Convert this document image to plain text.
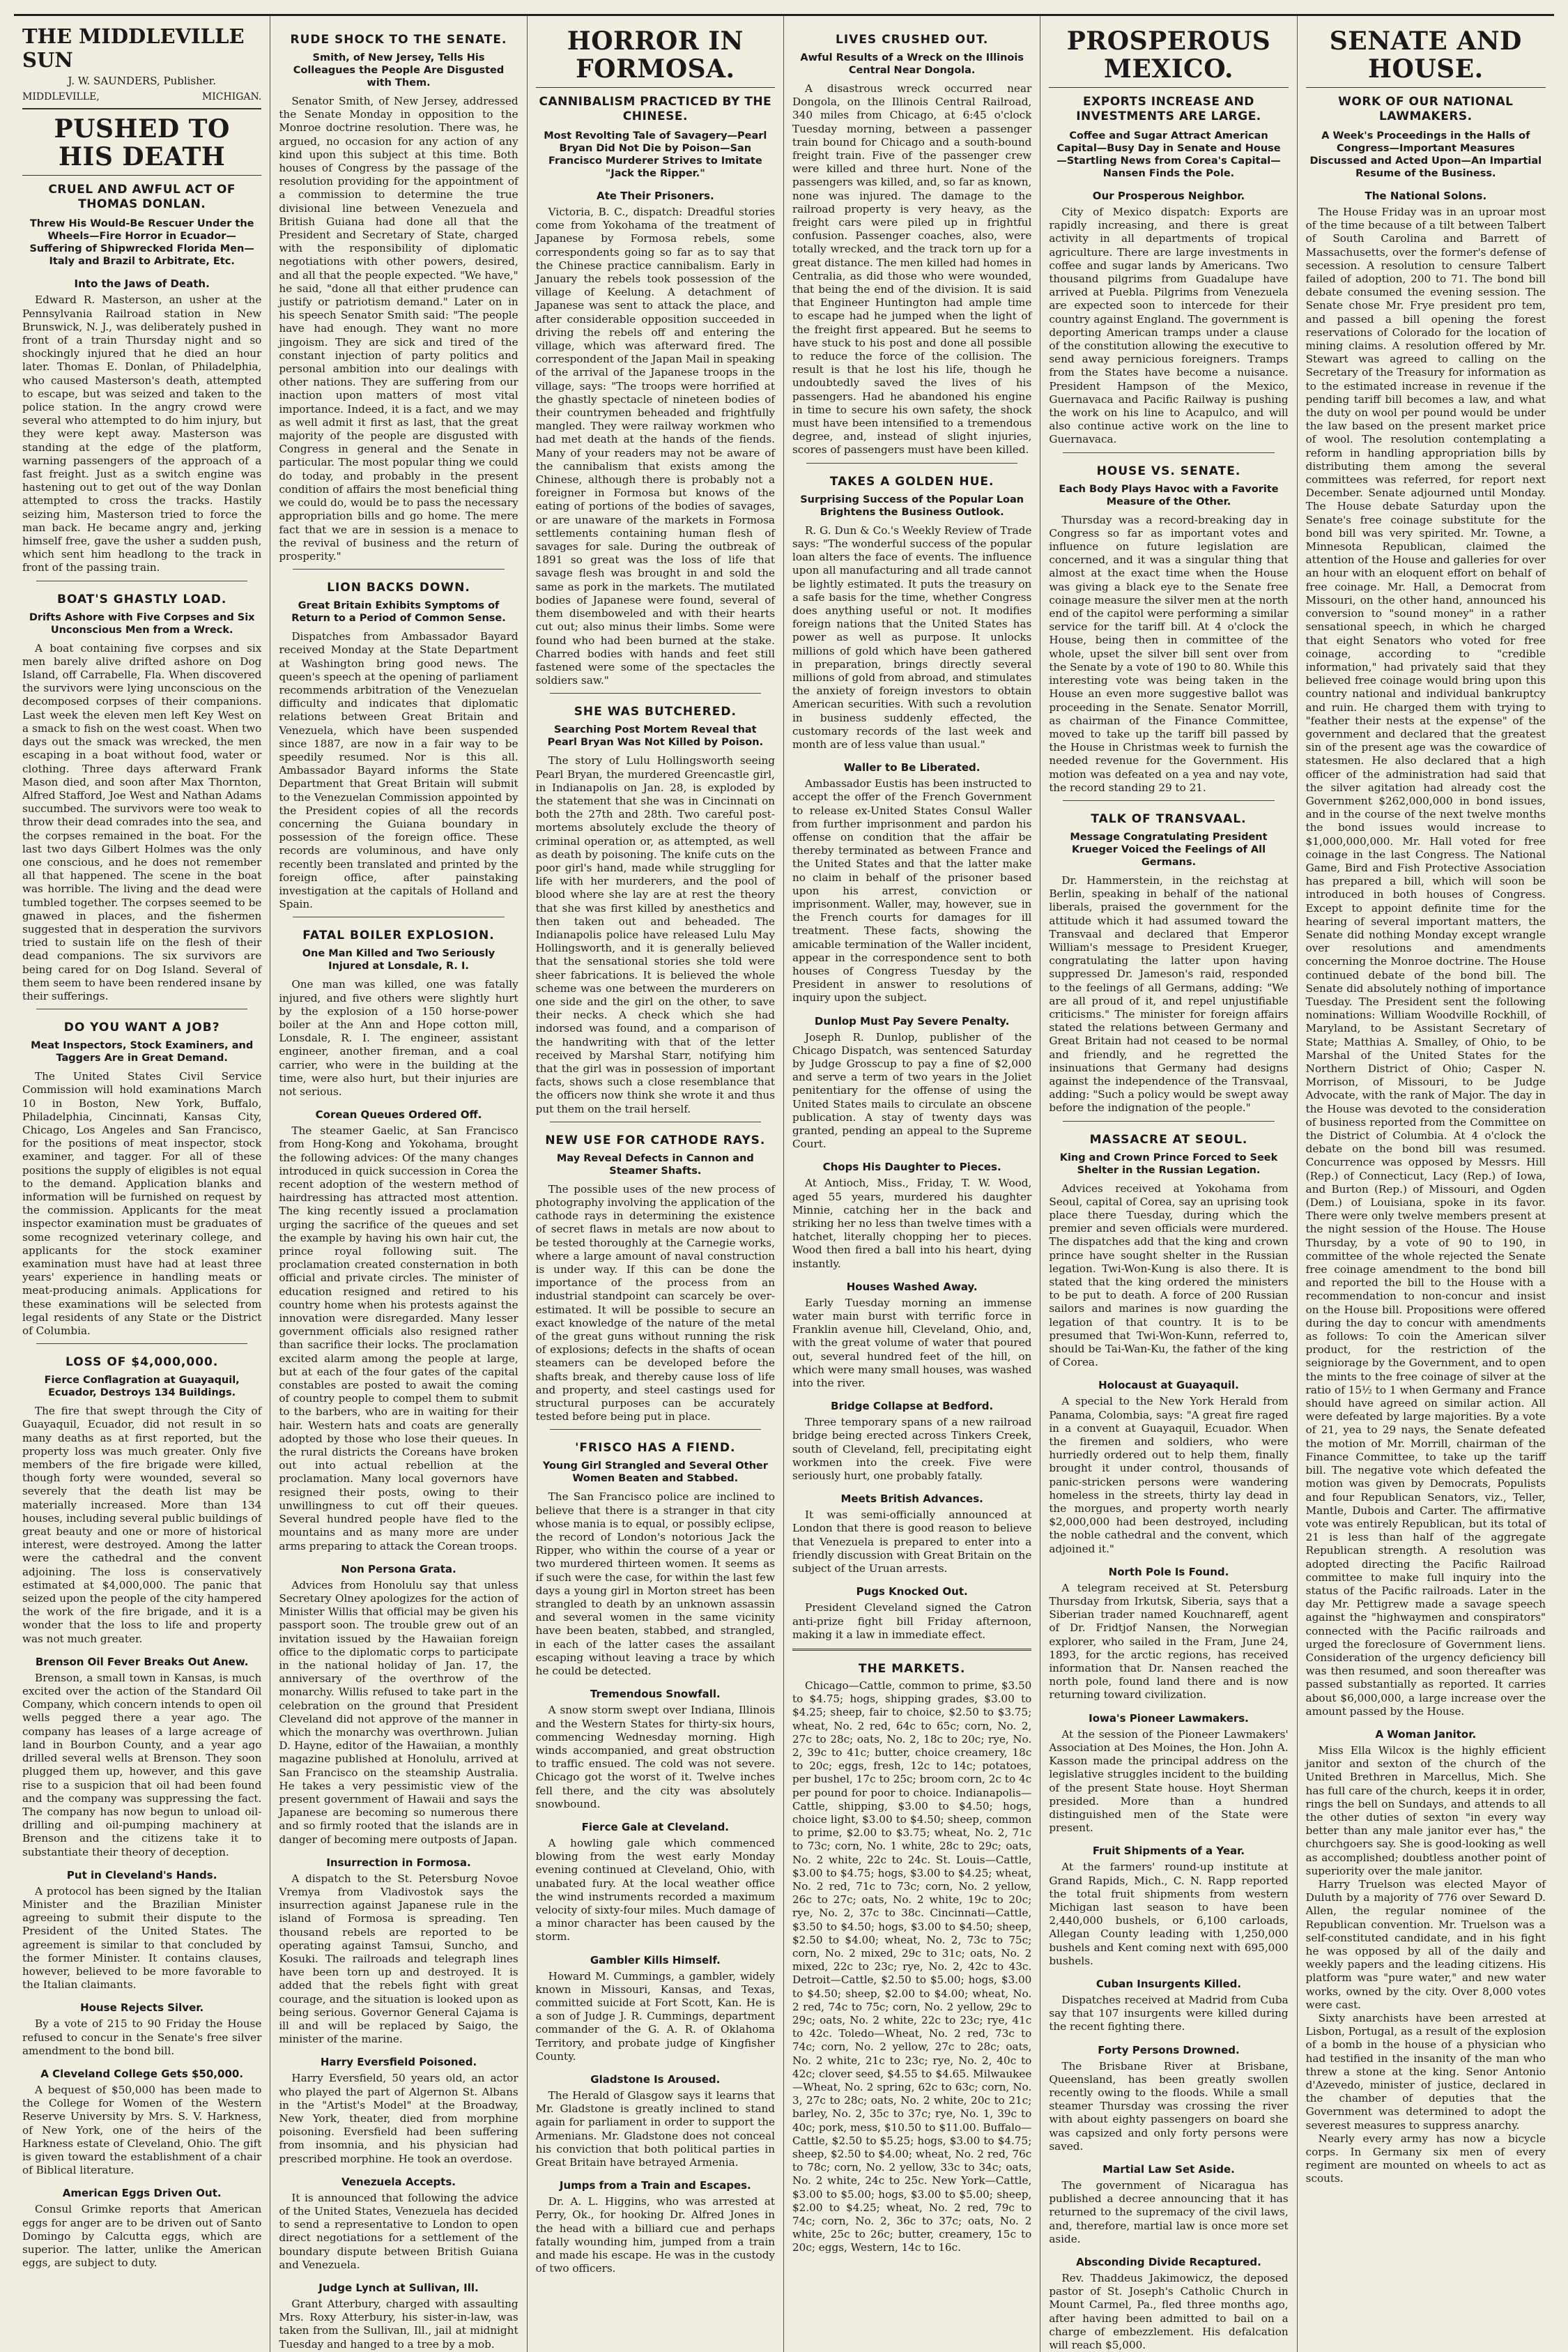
THE MIDDLEVILLE SUN
J. W. SAUNDERS, Publisher.
MIDDLEVILLE,	MICHIGAN.
PUSHED TO HIS DEATH
CRUEL AND AWFUL ACT OF THOMAS DONLAN.
Threw His Would-Be Rescuer Under the Wheels—Fire Horror in Ecuador—Suffering of Shipwrecked Florida Men—Italy and Brazil to Arbitrate, Etc.
Into the Jaws of Death.

Edward R. Masterson, an usher at the Pennsylvania Railroad station in New Brunswick, N. J., was deliberately pushed in front of a train Thursday night and so shockingly injured that he died an hour later. Thomas E. Donlan, of Philadelphia, who caused Masterson's death, attempted to escape, but was seized and taken to the police station. In the angry crowd were several who attempted to do him injury, but they were kept away. Masterson was standing at the edge of the platform, warning passengers of the approach of a fast freight. Just as a switch engine was hastening out to get out of the way Donlan attempted to cross the tracks. Hastily seizing him, Masterson tried to force the man back. He became angry and, jerking himself free, gave the usher a sudden push, which sent him headlong to the track in front of the passing train.

BOAT'S GHASTLY LOAD.
Drifts Ashore with Five Corpses and Six Unconscious Men from a Wreck.

A boat containing five corpses and six men barely alive drifted ashore on Dog Island, off Carrabelle, Fla. When discovered the survivors were lying unconscious on the decomposed corpses of their companions. Last week the eleven men left Key West on a smack to fish on the west coast. When two days out the smack was wrecked, the men escaping in a boat without food, water or clothing. Three days afterward Frank Mason died, and soon after Max Thornton, Alfred Stafford, Joe West and Nathan Adams succumbed. The survivors were too weak to throw their dead comrades into the sea, and the corpses remained in the boat. For the last two days Gilbert Holmes was the only one conscious, and he does not remember all that happened. The scene in the boat was horrible. The living and the dead were tumbled together. The corpses seemed to be gnawed in places, and the fishermen suggested that in desperation the survivors tried to sustain life on the flesh of their dead companions. The six survivors are being cared for on Dog Island. Several of them seem to have been rendered insane by their sufferings.

DO YOU WANT A JOB?
Meat Inspectors, Stock Examiners, and Taggers Are in Great Demand.

The United States Civil Service Commission will hold examinations March 10 in Boston, New York, Buffalo, Philadelphia, Cincinnati, Kansas City, Chicago, Los Angeles and San Francisco, for the positions of meat inspector, stock examiner, and tagger. For all of these positions the supply of eligibles is not equal to the demand. Application blanks and information will be furnished on request by the commission. Applicants for the meat inspector examination must be graduates of some recognized veterinary college, and applicants for the stock examiner examination must have had at least three years' experience in handling meats or meat-producing animals. Applications for these examinations will be selected from legal residents of any State or the District of Columbia.

LOSS OF $4,000,000.
Fierce Conflagration at Guayaquil, Ecuador, Destroys 134 Buildings.

The fire that swept through the City of Guayaquil, Ecuador, did not result in so many deaths as at first reported, but the property loss was much greater. Only five members of the fire brigade were killed, though forty were wounded, several so severely that the death list may be materially increased. More than 134 houses, including several public buildings of great beauty and one or more of historical interest, were destroyed. Among the latter were the cathedral and the convent adjoining. The loss is conservatively estimated at $4,000,000. The panic that seized upon the people of the city hampered the work of the fire brigade, and it is a wonder that the loss to life and property was not much greater.

Brenson Oil Fever Breaks Out Anew.

Brenson, a small town in Kansas, is much excited over the action of the Standard Oil Company, which concern intends to open oil wells pegged there a year ago. The company has leases of a large acreage of land in Bourbon County, and a year ago drilled several wells at Brenson. They soon plugged them up, however, and this gave rise to a suspicion that oil had been found and the company was suppressing the fact. The company has now begun to unload oil-drilling and oil-pumping machinery at Brenson and the citizens take it to substantiate their theory of deception.

Put in Cleveland's Hands.

A protocol has been signed by the Italian Minister and the Brazilian Minister agreeing to submit their dispute to the President of the United States. The agreement is similar to that concluded by the former Minister. It contains clauses, however, believed to be more favorable to the Italian claimants.

House Rejects Silver.

By a vote of 215 to 90 Friday the House refused to concur in the Senate's free silver amendment to the bond bill.

A Cleveland College Gets $50,000.

A bequest of $50,000 has been made to the College for Women of the Western Reserve University by Mrs. S. V. Harkness, of New York, one of the heirs of the Harkness estate of Cleveland, Ohio. The gift is given toward the establishment of a chair of Biblical literature.

American Eggs Driven Out.

Consul Grimke reports that American eggs for anger are to be driven out of Santo Domingo by Calcutta eggs, which are superior. The latter, unlike the American eggs, are subject to duty.

RUDE SHOCK TO THE SENATE.
Smith, of New Jersey, Tells His Colleagues the People Are Disgusted with Them.

Senator Smith, of New Jersey, addressed the Senate Monday in opposition to the Monroe doctrine resolution. There was, he argued, no occasion for any action of any kind upon this subject at this time. Both houses of Congress by the passage of the resolution providing for the appointment of a commission to determine the true divisional line between Venezuela and British Guiana had done all that the President and Secretary of State, charged with the responsibility of diplomatic negotiations with other powers, desired, and all that the people expected. "We have," he said, "done all that either prudence can justify or patriotism demand." Later on in his speech Senator Smith said: "The people have had enough. They want no more jingoism. They are sick and tired of the constant injection of party politics and personal ambition into our dealings with other nations. They are suffering from our inaction upon matters of most vital importance. Indeed, it is a fact, and we may as well admit it first as last, that the great majority of the people are disgusted with Congress in general and the Senate in particular. The most popular thing we could do today, and probably in the present condition of affairs the most beneficial thing we could do, would be to pass the necessary appropriation bills and go home. The mere fact that we are in session is a menace to the revival of business and the return of prosperity."

LION BACKS DOWN.
Great Britain Exhibits Symptoms of Return to a Period of Common Sense.

Dispatches from Ambassador Bayard received Monday at the State Department at Washington bring good news. The queen's speech at the opening of parliament recommends arbitration of the Venezuelan difficulty and indicates that diplomatic relations between Great Britain and Venezuela, which have been suspended since 1887, are now in a fair way to be speedily resumed. Nor is this all. Ambassador Bayard informs the State Department that Great Britain will submit to the Venezuelan Commission appointed by the President copies of all the records concerning the Guiana boundary in possession of the foreign office. These records are voluminous, and have only recently been translated and printed by the foreign office, after painstaking investigation at the capitals of Holland and Spain.

FATAL BOILER EXPLOSION.
One Man Killed and Two Seriously Injured at Lonsdale, R. I.

One man was killed, one was fatally injured, and five others were slightly hurt by the explosion of a 150 horse-power boiler at the Ann and Hope cotton mill, Lonsdale, R. I. The engineer, assistant engineer, another fireman, and a coal carrier, who were in the building at the time, were also hurt, but their injuries are not serious.

Corean Queues Ordered Off.

The steamer Gaelic, at San Francisco from Hong-Kong and Yokohama, brought the following advices: Of the many changes introduced in quick succession in Corea the recent adoption of the western method of hairdressing has attracted most attention. The king recently issued a proclamation urging the sacrifice of the queues and set the example by having his own hair cut, the prince royal following suit. The proclamation created consternation in both official and private circles. The minister of education resigned and retired to his country home when his protests against the innovation were disregarded. Many lesser government officials also resigned rather than sacrifice their locks. The proclamation excited alarm among the people at large, but at each of the four gates of the capital constables are posted to await the coming of country people to compel them to submit to the barbers, who are in waiting for their hair. Western hats and coats are generally adopted by those who lose their queues. In the rural districts the Coreans have broken out into actual rebellion at the proclamation. Many local governors have resigned their posts, owing to their unwillingness to cut off their queues. Several hundred people have fled to the mountains and as many more are under arms preparing to attack the Corean troops.

Non Persona Grata.

Advices from Honolulu say that unless Secretary Olney apologizes for the action of Minister Willis that official may be given his passport soon. The trouble grew out of an invitation issued by the Hawaiian foreign office to the diplomatic corps to participate in the national holiday of Jan. 17, the anniversary of the overthrow of the monarchy. Willis refused to take part in the celebration on the ground that President Cleveland did not approve of the manner in which the monarchy was overthrown. Julian D. Hayne, editor of the Hawaiian, a monthly magazine published at Honolulu, arrived at San Francisco on the steamship Australia. He takes a very pessimistic view of the present government of Hawaii and says the Japanese are becoming so numerous there and so firmly rooted that the islands are in danger of becoming mere outposts of Japan.

Insurrection in Formosa.

A dispatch to the St. Petersburg Novoe Vremya from Vladivostok says the insurrection against Japanese rule in the island of Formosa is spreading. Ten thousand rebels are reported to be operating against Tamsui, Suncho, and Kosuki. The railroads and telegraph lines have been torn up and destroyed. It is added that the rebels fight with great courage, and the situation is looked upon as being serious. Governor General Cajama is ill and will be replaced by Saigo, the minister of the marine.

Harry Eversfield Poisoned.

Harry Eversfield, 50 years old, an actor who played the part of Algernon St. Albans in the "Artist's Model" at the Broadway, New York, theater, died from morphine poisoning. Eversfield had been suffering from insomnia, and his physician had prescribed morphine. He took an overdose.

Venezuela Accepts.

It is announced that following the advice of the United States, Venezuela has decided to send a representative to London to open direct negotiations for a settlement of the boundary dispute between British Guiana and Venezuela.

Judge Lynch at Sullivan, Ill.

Grant Atterbury, charged with assaulting Mrs. Roxy Atterbury, his sister-in-law, was taken from the Sullivan, Ill., jail at midnight Tuesday and hanged to a tree by a mob.

HORROR IN FORMOSA.
CANNIBALISM PRACTICED BY THE CHINESE.
Most Revolting Tale of Savagery—Pearl Bryan Did Not Die by Poison—San Francisco Murderer Strives to Imitate "Jack the Ripper."
Ate Their Prisoners.

Victoria, B. C., dispatch: Dreadful stories come from Yokohama of the treatment of Japanese by Formosa rebels, some correspondents going so far as to say that the Chinese practice cannibalism. Early in January the rebels took possession of the village of Keelung. A detachment of Japanese was sent to attack the place, and after considerable opposition succeeded in driving the rebels off and entering the village, which was afterward fired. The correspondent of the Japan Mail in speaking of the arrival of the Japanese troops in the village, says: "The troops were horrified at the ghastly spectacle of nineteen bodies of their countrymen beheaded and frightfully mangled. They were railway workmen who had met death at the hands of the fiends. Many of your readers may not be aware of the cannibalism that exists among the Chinese, although there is probably not a foreigner in Formosa but knows of the eating of portions of the bodies of savages, or are unaware of the markets in Formosa settlements containing human flesh of savages for sale. During the outbreak of 1891 so great was the loss of life that savage flesh was brought in and sold the same as pork in the markets. The mutilated bodies of Japanese were found, several of them disemboweled and with their hearts cut out; also minus their limbs. Some were found who had been burned at the stake. Charred bodies with hands and feet still fastened were some of the spectacles the soldiers saw."

SHE WAS BUTCHERED.
Searching Post Mortem Reveal that Pearl Bryan Was Not Killed by Poison.

The story of Lulu Hollingsworth seeing Pearl Bryan, the murdered Greencastle girl, in Indianapolis on Jan. 28, is exploded by the statement that she was in Cincinnati on both the 27th and 28th. Two careful post-mortems absolutely exclude the theory of criminal operation or, as attempted, as well as death by poisoning. The knife cuts on the poor girl's hand, made while struggling for life with her murderers, and the pool of blood where she lay are at rest the theory that she was first killed by anesthetics and then taken out and beheaded. The Indianapolis police have released Lulu May Hollingsworth, and it is generally believed that the sensational stories she told were sheer fabrications. It is believed the whole scheme was one between the murderers on one side and the girl on the other, to save their necks. A check which she had indorsed was found, and a comparison of the handwriting with that of the letter received by Marshal Starr, notifying him that the girl was in possession of important facts, shows such a close resemblance that the officers now think she wrote it and thus put them on the trail herself.

NEW USE FOR CATHODE RAYS.
May Reveal Defects in Cannon and Steamer Shafts.

The possible uses of the new process of photography involving the application of the cathode rays in determining the existence of secret flaws in metals are now about to be tested thoroughly at the Carnegie works, where a large amount of naval construction is under way. If this can be done the importance of the process from an industrial standpoint can scarcely be over-estimated. It will be possible to secure an exact knowledge of the nature of the metal of the great guns without running the risk of explosions; defects in the shafts of ocean steamers can be developed before the shafts break, and thereby cause loss of life and property, and steel castings used for structural purposes can be accurately tested before being put in place.

'FRISCO HAS A FIEND.
Young Girl Strangled and Several Other Women Beaten and Stabbed.

The San Francisco police are inclined to believe that there is a stranger in that city whose mania is to equal, or possibly eclipse, the record of London's notorious Jack the Ripper, who within the course of a year or two murdered thirteen women. It seems as if such were the case, for within the last few days a young girl in Morton street has been strangled to death by an unknown assassin and several women in the same vicinity have been beaten, stabbed, and strangled, in each of the latter cases the assailant escaping without leaving a trace by which he could be detected.

Tremendous Snowfall.

A snow storm swept over Indiana, Illinois and the Western States for thirty-six hours, commencing Wednesday morning. High winds accompanied, and great obstruction to traffic ensued. The cold was not severe. Chicago got the worst of it. Twelve inches fell there, and the city was absolutely snowbound.

Fierce Gale at Cleveland.

A howling gale which commenced blowing from the west early Monday evening continued at Cleveland, Ohio, with unabated fury. At the local weather office the wind instruments recorded a maximum velocity of sixty-four miles. Much damage of a minor character has been caused by the storm.

Gambler Kills Himself.

Howard M. Cummings, a gambler, widely known in Missouri, Kansas, and Texas, committed suicide at Fort Scott, Kan. He is a son of Judge J. R. Cummings, department commander of the G. A. R. of Oklahoma Territory, and probate judge of Kingfisher County.

Gladstone Is Aroused.

The Herald of Glasgow says it learns that Mr. Gladstone is greatly inclined to stand again for parliament in order to support the Armenians. Mr. Gladstone does not conceal his conviction that both political parties in Great Britain have betrayed Armenia.

Jumps from a Train and Escapes.

Dr. A. L. Higgins, who was arrested at Perry, Ok., for hooking Dr. Alfred Jones in the head with a billiard cue and perhaps fatally wounding him, jumped from a train and made his escape. He was in the custody of two officers.

LIVES CRUSHED OUT.
Awful Results of a Wreck on the Illinois Central Near Dongola.

A disastrous wreck occurred near Dongola, on the Illinois Central Railroad, 340 miles from Chicago, at 6:45 o'clock Tuesday morning, between a passenger train bound for Chicago and a south-bound freight train. Five of the passenger crew were killed and three hurt. None of the passengers was killed, and, so far as known, none was injured. The damage to the railroad property is very heavy, as the freight cars were piled up in frightful confusion. Passenger coaches, also, were totally wrecked, and the track torn up for a great distance. The men killed had homes in Centralia, as did those who were wounded, that being the end of the division. It is said that Engineer Huntington had ample time to escape had he jumped when the light of the freight first appeared. But he seems to have stuck to his post and done all possible to reduce the force of the collision. The result is that he lost his life, though he undoubtedly saved the lives of his passengers. Had he abandoned his engine in time to secure his own safety, the shock must have been intensified to a tremendous degree, and, instead of slight injuries, scores of passengers must have been killed.

TAKES A GOLDEN HUE.
Surprising Success of the Popular Loan Brightens the Business Outlook.

R. G. Dun & Co.'s Weekly Review of Trade says: "The wonderful success of the popular loan alters the face of events. The influence upon all manufacturing and all trade cannot be lightly estimated. It puts the treasury on a safe basis for the time, whether Congress does anything useful or not. It modifies foreign nations that the United States has power as well as purpose. It unlocks millions of gold which have been gathered in preparation, brings directly several millions of gold from abroad, and stimulates the anxiety of foreign investors to obtain American securities. With such a revolution in business suddenly effected, the customary records of the last week and month are of less value than usual."

Waller to Be Liberated.

Ambassador Eustis has been instructed to accept the offer of the French Government to release ex-United States Consul Waller from further imprisonment and pardon his offense on condition that the affair be thereby terminated as between France and the United States and that the latter make no claim in behalf of the prisoner based upon his arrest, conviction or imprisonment. Waller, may, however, sue in the French courts for damages for ill treatment. These facts, showing the amicable termination of the Waller incident, appear in the correspondence sent to both houses of Congress Tuesday by the President in answer to resolutions of inquiry upon the subject.

Dunlop Must Pay Severe Penalty.

Joseph R. Dunlop, publisher of the Chicago Dispatch, was sentenced Saturday by Judge Grosscup to pay a fine of $2,000 and serve a term of two years in the Joliet penitentiary for the offense of using the United States mails to circulate an obscene publication. A stay of twenty days was granted, pending an appeal to the Supreme Court.

Chops His Daughter to Pieces.

At Antioch, Miss., Friday, T. W. Wood, aged 55 years, murdered his daughter Minnie, catching her in the back and striking her no less than twelve times with a hatchet, literally chopping her to pieces. Wood then fired a ball into his heart, dying instantly.

Houses Washed Away.

Early Tuesday morning an immense water main burst with terrific force in Franklin avenue hill, Cleveland, Ohio, and, with the great volume of water that poured out, several hundred feet of the hill, on which were many small houses, was washed into the river.

Bridge Collapse at Bedford.

Three temporary spans of a new railroad bridge being erected across Tinkers Creek, south of Cleveland, fell, precipitating eight workmen into the creek. Five were seriously hurt, one probably fatally.

Meets British Advances.

It was semi-officially announced at London that there is good reason to believe that Venezuela is prepared to enter into a friendly discussion with Great Britain on the subject of the Uruan arrests.

Pugs Knocked Out.

President Cleveland signed the Catron anti-prize fight bill Friday afternoon, making it a law in immediate effect.

THE MARKETS.

Chicago—Cattle, common to prime, $3.50 to $4.75; hogs, shipping grades, $3.00 to $4.25; sheep, fair to choice, $2.50 to $3.75; wheat, No. 2 red, 64c to 65c; corn, No. 2, 27c to 28c; oats, No. 2, 18c to 20c; rye, No. 2, 39c to 41c; butter, choice creamery, 18c to 20c; eggs, fresh, 12c to 14c; potatoes, per bushel, 17c to 25c; broom corn, 2c to 4c per pound for poor to choice. Indianapolis—Cattle, shipping, $3.00 to $4.50; hogs, choice light, $3.00 to $4.50; sheep, common to prime, $2.00 to $3.75; wheat, No. 2, 71c to 73c; corn, No. 1 white, 28c to 29c; oats, No. 2 white, 22c to 24c. St. Louis—Cattle, $3.00 to $4.75; hogs, $3.00 to $4.25; wheat, No. 2 red, 71c to 73c; corn, No. 2 yellow, 26c to 27c; oats, No. 2 white, 19c to 20c; rye, No. 2, 37c to 38c. Cincinnati—Cattle, $3.50 to $4.50; hogs, $3.00 to $4.50; sheep, $2.50 to $4.00; wheat, No. 2, 73c to 75c; corn, No. 2 mixed, 29c to 31c; oats, No. 2 mixed, 22c to 23c; rye, No. 2, 42c to 43c. Detroit—Cattle, $2.50 to $5.00; hogs, $3.00 to $4.50; sheep, $2.00 to $4.00; wheat, No. 2 red, 74c to 75c; corn, No. 2 yellow, 29c to 29c; oats, No. 2 white, 22c to 23c; rye, 41c to 42c. Toledo—Wheat, No. 2 red, 73c to 74c; corn, No. 2 yellow, 27c to 28c; oats, No. 2 white, 21c to 23c; rye, No. 2, 40c to 42c; clover seed, $4.55 to $4.65. Milwaukee—Wheat, No. 2 spring, 62c to 63c; corn, No. 3, 27c to 28c; oats, No. 2 white, 20c to 21c; barley, No. 2, 35c to 37c; rye, No. 1, 39c to 40c; pork, mess, $10.50 to $11.00. Buffalo—Cattle, $2.50 to $5.25; hogs, $3.00 to $4.75; sheep, $2.50 to $4.00; wheat, No. 2 red, 76c to 78c; corn, No. 2 yellow, 33c to 34c; oats, No. 2 white, 24c to 25c. New York—Cattle, $3.00 to $5.00; hogs, $3.00 to $5.00; sheep, $2.00 to $4.25; wheat, No. 2 red, 79c to 74c; corn, No. 2, 36c to 37c; oats, No. 2 white, 25c to 26c; butter, creamery, 15c to 20c; eggs, Western, 14c to 16c.

PROSPEROUS MEXICO.
EXPORTS INCREASE AND INVESTMENTS ARE LARGE.
Coffee and Sugar Attract American Capital—Busy Day in Senate and House—Startling News from Corea's Capital—Nansen Finds the Pole.
Our Prosperous Neighbor.

City of Mexico dispatch: Exports are rapidly increasing, and there is great activity in all departments of tropical agriculture. There are large investments in coffee and sugar lands by Americans. Two thousand pilgrims from Guadalupe have arrived at Puebla. Pilgrims from Venezuela are expected soon to intercede for their country against England. The government is deporting American tramps under a clause of the constitution allowing the executive to send away pernicious foreigners. Tramps from the States have become a nuisance. President Hampson of the Mexico, Guernavaca and Pacific Railway is pushing the work on his line to Acapulco, and will also continue active work on the line to Guernavaca.

HOUSE VS. SENATE.
Each Body Plays Havoc with a Favorite Measure of the Other.

Thursday was a record-breaking day in Congress so far as important votes and influence on future legislation are concerned, and it was a singular thing that almost at the exact time when the House was giving a black eye to the Senate free coinage measure the silver men at the north end of the capitol were performing a similar service for the tariff bill. At 4 o'clock the House, being then in committee of the whole, upset the silver bill sent over from the Senate by a vote of 190 to 80. While this interesting vote was being taken in the House an even more suggestive ballot was proceeding in the Senate. Senator Morrill, as chairman of the Finance Committee, moved to take up the tariff bill passed by the House in Christmas week to furnish the needed revenue for the Government. His motion was defeated on a yea and nay vote, the record standing 29 to 21.

TALK OF TRANSVAAL.
Message Congratulating President Krueger Voiced the Feelings of All Germans.

Dr. Hammerstein, in the reichstag at Berlin, speaking in behalf of the national liberals, praised the government for the attitude which it had assumed toward the Transvaal and declared that Emperor William's message to President Krueger, congratulating the latter upon having suppressed Dr. Jameson's raid, responded to the feelings of all Germans, adding: "We are all proud of it, and repel unjustifiable criticisms." The minister for foreign affairs stated the relations between Germany and Great Britain had not ceased to be normal and friendly, and he regretted the insinuations that Germany had designs against the independence of the Transvaal, adding: "Such a policy would be swept away before the indignation of the people."

MASSACRE AT SEOUL.
King and Crown Prince Forced to Seek Shelter in the Russian Legation.

Advices received at Yokohama from Seoul, capital of Corea, say an uprising took place there Tuesday, during which the premier and seven officials were murdered. The dispatches add that the king and crown prince have sought shelter in the Russian legation. Twi-Won-Kung is also there. It is stated that the king ordered the ministers to be put to death. A force of 200 Russian sailors and marines is now guarding the legation of that country. It is to be presumed that Twi-Won-Kunn, referred to, should be Tai-Wan-Ku, the father of the king of Corea.

Holocaust at Guayaquil.

A special to the New York Herald from Panama, Colombia, says: "A great fire raged in a convent at Guayaquil, Ecuador. When the firemen and soldiers, who were hurriedly ordered out to help them, finally brought it under control, thousands of panic-stricken persons were wandering homeless in the streets, thirty lay dead in the morgues, and property worth nearly $2,000,000 had been destroyed, including the noble cathedral and the convent, which adjoined it."

North Pole Is Found.

A telegram received at St. Petersburg Thursday from Irkutsk, Siberia, says that a Siberian trader named Kouchnareff, agent of Dr. Fridtjof Nansen, the Norwegian explorer, who sailed in the Fram, June 24, 1893, for the arctic regions, has received information that Dr. Nansen reached the north pole, found land there and is now returning toward civilization.

Iowa's Pioneer Lawmakers.

At the session of the Pioneer Lawmakers' Association at Des Moines, the Hon. John A. Kasson made the principal address on the legislative struggles incident to the building of the present State house. Hoyt Sherman presided. More than a hundred distinguished men of the State were present.

Fruit Shipments of a Year.

At the farmers' round-up institute at Grand Rapids, Mich., C. N. Rapp reported the total fruit shipments from western Michigan last season to have been 2,440,000 bushels, or 6,100 carloads, Allegan County leading with 1,250,000 bushels and Kent coming next with 695,000 bushels.

Cuban Insurgents Killed.

Dispatches received at Madrid from Cuba say that 107 insurgents were killed during the recent fighting there.

Forty Persons Drowned.

The Brisbane River at Brisbane, Queensland, has been greatly swollen recently owing to the floods. While a small steamer Thursday was crossing the river with about eighty passengers on board she was capsized and only forty persons were saved.

Martial Law Set Aside.

The government of Nicaragua has published a decree announcing that it has returned to the supremacy of the civil laws, and, therefore, martial law is once more set aside.

Absconding Divide Recaptured.

Rev. Thaddeus Jakimowicz, the deposed pastor of St. Joseph's Catholic Church in Mount Carmel, Pa., fled three months ago, after having been admitted to bail on a charge of embezzlement. His defalcation will reach $5,000.

SENATE AND HOUSE.
WORK OF OUR NATIONAL LAWMAKERS.
A Week's Proceedings in the Halls of Congress—Important Measures Discussed and Acted Upon—An Impartial Resume of the Business.
The National Solons.

The House Friday was in an uproar most of the time because of a tilt between Talbert of South Carolina and Barrett of Massachusetts, over the former's defense of secession. A resolution to censure Talbert failed of adoption, 200 to 71. The bond bill debate consumed the evening session. The Senate chose Mr. Frye president pro tem, and passed a bill opening the forest reservations of Colorado for the location of mining claims. A resolution offered by Mr. Stewart was agreed to calling on the Secretary of the Treasury for information as to the estimated increase in revenue if the pending tariff bill becomes a law, and what the duty on wool per pound would be under the law based on the present market price of wool. The resolution contemplating a reform in handling appropriation bills by distributing them among the several committees was referred, for report next December. Senate adjourned until Monday. The House debate Saturday upon the Senate's free coinage substitute for the bond bill was very spirited. Mr. Towne, a Minnesota Republican, claimed the attention of the House and galleries for over an hour with an eloquent effort on behalf of free coinage. Mr. Hall, a Democrat from Missouri, on the other hand, announced his conversion to "sound money" in a rather sensational speech, in which he charged that eight Senators who voted for free coinage, according to "credible information," had privately said that they believed free coinage would bring upon this country national and individual bankruptcy and ruin. He charged them with trying to "feather their nests at the expense" of the government and declared that the greatest sin of the present age was the cowardice of statesmen. He also declared that a high officer of the administration had said that the silver agitation had already cost the Government $262,000,000 in bond issues, and in the course of the next twelve months the bond issues would increase to $1,000,000,000. Mr. Hall voted for free coinage in the last Congress. The National Game, Bird and Fish Protective Association has prepared a bill, which will soon be introduced in both houses of Congress. Except to appoint definite time for the hearing of several important matters, the Senate did nothing Monday except wrangle over resolutions and amendments concerning the Monroe doctrine. The House continued debate of the bond bill. The Senate did absolutely nothing of importance Tuesday. The President sent the following nominations: William Woodville Rockhill, of Maryland, to be Assistant Secretary of State; Matthias A. Smalley, of Ohio, to be Marshal of the United States for the Northern District of Ohio; Casper N. Morrison, of Missouri, to be Judge Advocate, with the rank of Major. The day in the House was devoted to the consideration of business reported from the Committee on the District of Columbia. At 4 o'clock the debate on the bond bill was resumed. Concurrence was opposed by Messrs. Hill (Rep.) of Connecticut, Lacy (Rep.) of Iowa, and Burton (Rep.) of Missouri, and Ogden (Dem.) of Louisiana, spoke in its favor. There were only twelve members present at the night session of the House. The House Thursday, by a vote of 90 to 190, in committee of the whole rejected the Senate free coinage amendment to the bond bill and reported the bill to the House with a recommendation to non-concur and insist on the House bill. Propositions were offered during the day to concur with amendments as follows: To coin the American silver product, for the restriction of the seigniorage by the Government, and to open the mints to the free coinage of silver at the ratio of 15½ to 1 when Germany and France should have agreed on similar action. All were defeated by large majorities. By a vote of 21, yea to 29 nays, the Senate defeated the motion of Mr. Morrill, chairman of the Finance Committee, to take up the tariff bill. The negative vote which defeated the motion was given by Democrats, Populists and four Republican Senators, viz., Teller, Mantle, Dubois and Carter. The affirmative vote was entirely Republican, but its total of 21 is less than half of the aggregate Republican strength. A resolution was adopted directing the Pacific Railroad committee to make full inquiry into the status of the Pacific railroads. Later in the day Mr. Pettigrew made a savage speech against the "highwaymen and conspirators" connected with the Pacific railroads and urged the foreclosure of Government liens. Consideration of the urgency deficiency bill was then resumed, and soon thereafter was passed substantially as reported. It carries about $6,000,000, a large increase over the amount passed by the House.

A Woman Janitor.

Miss Ella Wilcox is the highly efficient janitor and sexton of the church of the United Brethren in Marcellus, Mich. She has full care of the church, keeps it in order, rings the bell on Sundays, and attends to all the other duties of sexton "in every way better than any male janitor ever has," the churchgoers say. She is good-looking as well as accomplished; doubtless another point of superiority over the male janitor.

Harry Truelson was elected Mayor of Duluth by a majority of 776 over Seward D. Allen, the regular nominee of the Republican convention. Mr. Truelson was a self-constituted candidate, and in his fight he was opposed by all of the daily and weekly papers and the leading citizens. His platform was "pure water," and new water works, owned by the city. Over 8,000 votes were cast.

Sixty anarchists have been arrested at Lisbon, Portugal, as a result of the explosion of a bomb in the house of a physician who had testified in the insanity of the man who threw a stone at the king. Senor Antonio d'Azevedo, minister of justice, declared in the chamber of deputies that the Government was determined to adopt the severest measures to suppress anarchy.

Nearly every army has now a bicycle corps. In Germany six men of every regiment are mounted on wheels to act as scouts.
